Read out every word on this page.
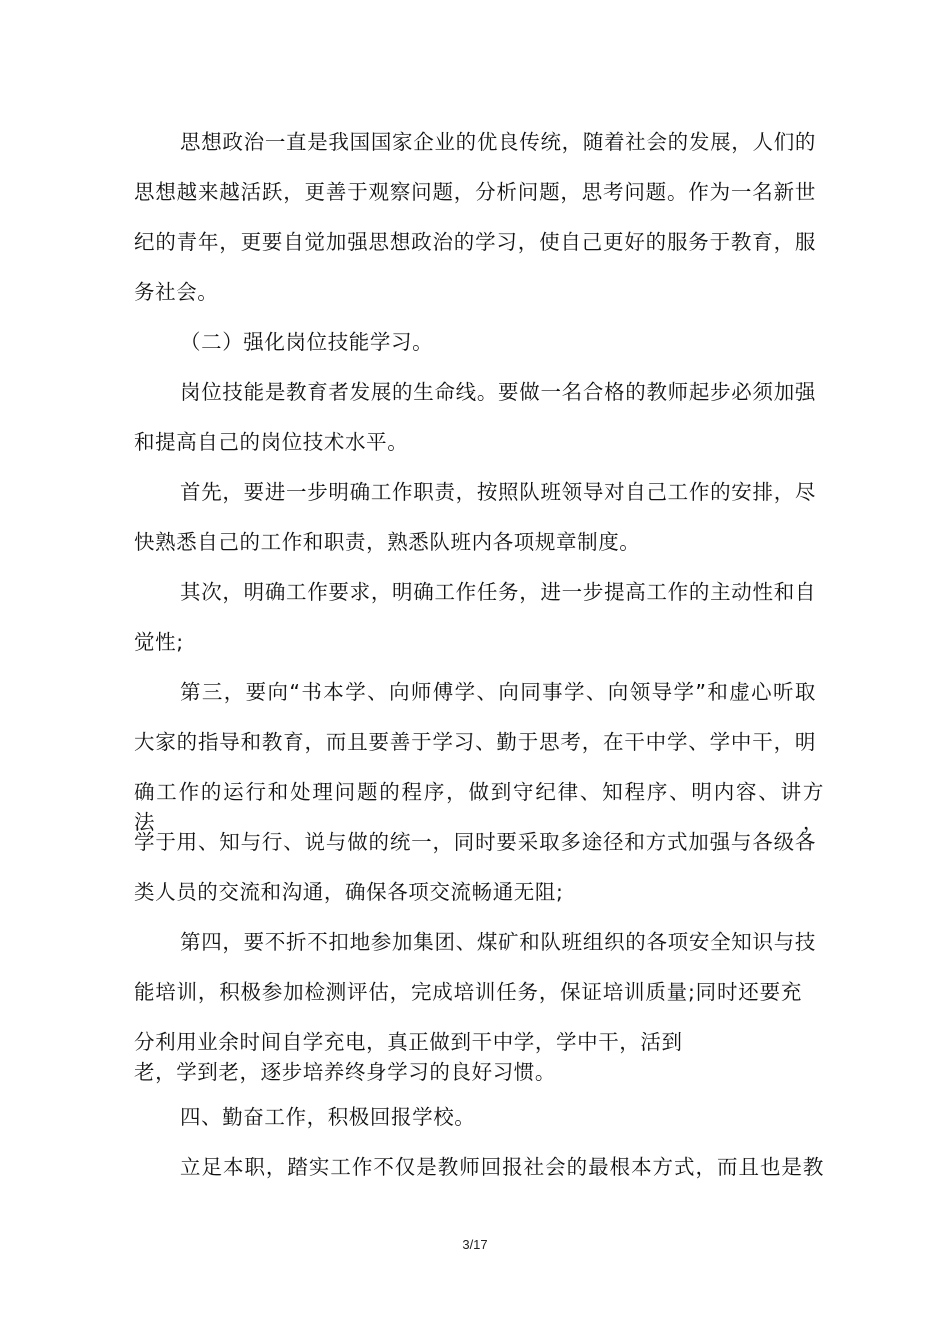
思想政治一直是我国国家企业的优良传统，随着社会的发展，人们的
思想越来越活跃，更善于观察问题，分析问题，思考问题。作为一名新世
纪的青年，更要自觉加强思想政治的学习，使自己更好的服务于教育，服
务社会。
（二）强化岗位技能学习。
岗位技能是教育者发展的生命线。要做一名合格的教师起步必须加强
和提高自己的岗位技术水平。
首先，要进一步明确工作职责，按照队班领导对自己工作的安排，尽
快熟悉自己的工作和职责，熟悉队班内各项规章制度。
其次，明确工作要求，明确工作任务，进一步提高工作的主动性和自
觉性;
第三，要向“书本学、向师傅学、向同事学、向领导学”和虚心听取
大家的指导和教育，而且要善于学习、勤于思考，在干中学、学中干，明
确工作的运行和处理问题的程序，做到守纪律、知程序、明内容、讲方法，
学于用、知与行、说与做的统一，同时要采取多途径和方式加强与各级各
类人员的交流和沟通，确保各项交流畅通无阻;
第四，要不折不扣地参加集团、煤矿和队班组织的各项安全知识与技
能培训，积极参加检测评估，完成培训任务，保证培训质量;同时还要充
分利用业余时间自学充电，真正做到干中学，学中干，活到
老，学到老，逐步培养终身学习的良好习惯。
四、勤奋工作，积极回报学校。
立足本职，踏实工作不仅是教师回报社会的最根本方式，而且也是教
3/17
